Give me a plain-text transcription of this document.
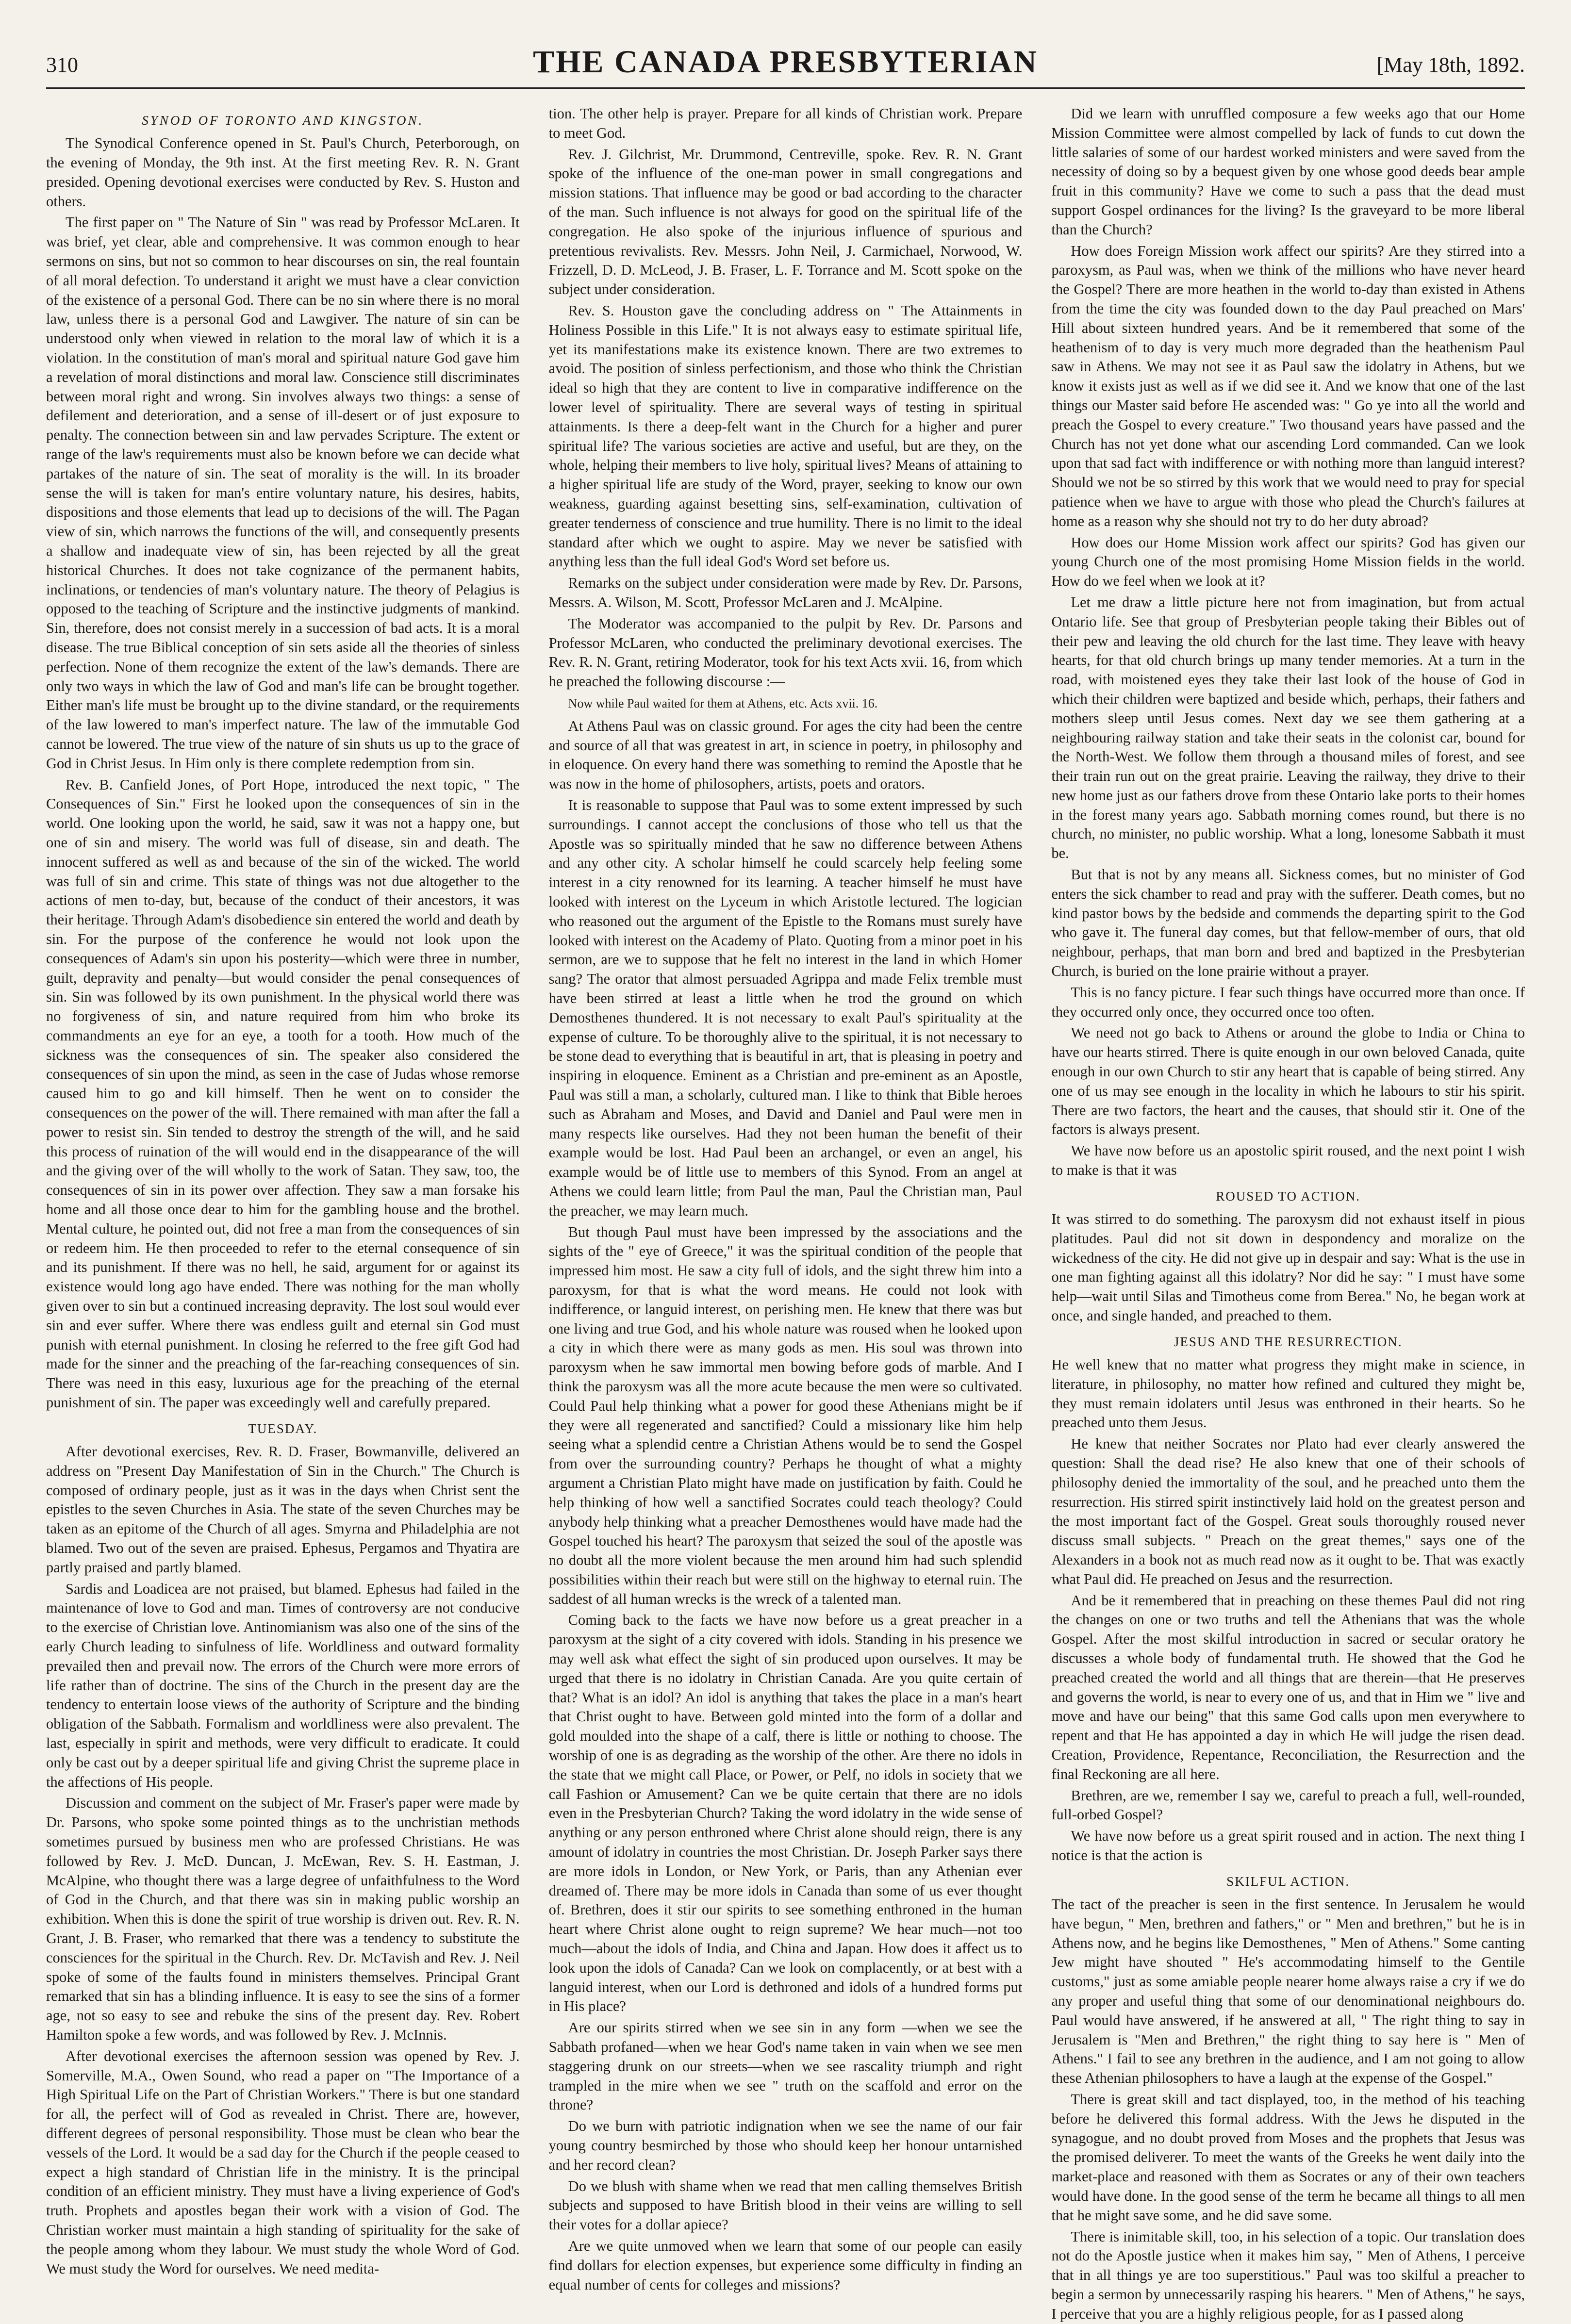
310	THE CANADA PRESBYTERIAN	[May 18th, 1892.
SYNOD OF TORONTO AND KINGSTON.

The Synodical Conference opened in St. Paul's Church, Peterborough, on the evening of Monday, the 9th inst. At the first meeting Rev. R. N. Grant presided. Opening devotional exercises were conducted by Rev. S. Huston and others.

The first paper on " The Nature of Sin " was read by Professor McLaren. It was brief, yet clear, able and comprehensive. It was common enough to hear sermons on sins, but not so common to hear discourses on sin, the real fountain of all moral defection. To understand it aright we must have a clear conviction of the existence of a personal God. There can be no sin where there is no moral law, unless there is a personal God and Lawgiver. The nature of sin can be understood only when viewed in relation to the moral law of which it is a violation. In the constitution of man's moral and spiritual nature God gave him a revelation of moral distinctions and moral law. Conscience still discriminates between moral right and wrong. Sin involves always two things: a sense of defilement and deterioration, and a sense of ill-desert or of just exposure to penalty. The connection between sin and law pervades Scripture. The extent or range of the law's requirements must also be known before we can decide what partakes of the nature of sin. The seat of morality is the will. In its broader sense the will is taken for man's entire voluntary nature, his desires, habits, dispositions and those elements that lead up to decisions of the will. The Pagan view of sin, which narrows the functions of the will, and consequently presents a shallow and inadequate view of sin, has been rejected by all the great historical Churches. It does not take cognizance of the permanent habits, inclinations, or tendencies of man's voluntary nature. The theory of Pelagius is opposed to the teaching of Scripture and the instinctive judgments of mankind. Sin, therefore, does not consist merely in a succession of bad acts. It is a moral disease. The true Biblical conception of sin sets aside all the theories of sinless perfection. None of them recognize the extent of the law's demands. There are only two ways in which the law of God and man's life can be brought together. Either man's life must be brought up to the divine standard, or the requirements of the law lowered to man's imperfect nature. The law of the immutable God cannot be lowered. The true view of the nature of sin shuts us up to the grace of God in Christ Jesus. In Him only is there complete redemption from sin.

Rev. B. Canfield Jones, of Port Hope, introduced the next topic, " The Consequences of Sin." First he looked upon the consequences of sin in the world. One looking upon the world, he said, saw it was not a happy one, but one of sin and misery. The world was full of disease, sin and death. The innocent suffered as well as and because of the sin of the wicked. The world was full of sin and crime. This state of things was not due altogether to the actions of men to-day, but, because of the conduct of their ancestors, it was their heritage. Through Adam's disobedience sin entered the world and death by sin. For the purpose of the conference he would not look upon the consequences of Adam's sin upon his posterity—which were three in number, guilt, depravity and penalty—but would consider the penal consequences of sin. Sin was followed by its own punishment. In the physical world there was no forgiveness of sin, and nature required from him who broke its commandments an eye for an eye, a tooth for a tooth. How much of the sickness was the consequences of sin. The speaker also considered the consequences of sin upon the mind, as seen in the case of Judas whose remorse caused him to go and kill himself. Then he went on to consider the consequences on the power of the will. There remained with man after the fall a power to resist sin. Sin tended to destroy the strength of the will, and he said this process of ruination of the will would end in the disappearance of the will and the giving over of the will wholly to the work of Satan. They saw, too, the consequences of sin in its power over affection. They saw a man forsake his home and all those once dear to him for the gambling house and the brothel. Mental culture, he pointed out, did not free a man from the consequences of sin or redeem him. He then proceeded to refer to the eternal consequence of sin and its punishment. If there was no hell, he said, argument for or against its existence would long ago have ended. There was nothing for the man wholly given over to sin but a continued increasing depravity. The lost soul would ever sin and ever suffer. Where there was endless guilt and eternal sin God must punish with eternal punishment. In closing he referred to the free gift God had made for the sinner and the preaching of the far-reaching consequences of sin. There was need in this easy, luxurious age for the preaching of the eternal punishment of sin. The paper was exceedingly well and carefully prepared.

TUESDAY.

After devotional exercises, Rev. R. D. Fraser, Bowmanville, delivered an address on "Present Day Manifestation of Sin in the Church." The Church is composed of ordinary people, just as it was in the days when Christ sent the epistles to the seven Churches in Asia. The state of the seven Churches may be taken as an epitome of the Church of all ages. Smyrna and Philadelphia are not blamed. Two out of the seven are praised. Ephesus, Pergamos and Thyatira are partly praised and partly blamed.

Sardis and Loadicea are not praised, but blamed. Ephesus had failed in the maintenance of love to God and man. Times of controversy are not conducive to the exercise of Christian love. Antinomianism was also one of the sins of the early Church leading to sinfulness of life. Worldliness and outward formality prevailed then and prevail now. The errors of the Church were more errors of life rather than of doctrine. The sins of the Church in the present day are the tendency to entertain loose views of the authority of Scripture and the binding obligation of the Sabbath. Formalism and worldliness were also prevalent. The last, especially in spirit and methods, were very difficult to eradicate. It could only be cast out by a deeper spiritual life and giving Christ the supreme place in the affections of His people.

Discussion and comment on the subject of Mr. Fraser's paper were made by Dr. Parsons, who spoke some pointed things as to the unchristian methods sometimes pursued by business men who are professed Christians. He was followed by Rev. J. McD. Duncan, J. McEwan, Rev. S. H. Eastman, J. McAlpine, who thought there was a large degree of unfaithfulness to the Word of God in the Church, and that there was sin in making public worship an exhibition. When this is done the spirit of true worship is driven out. Rev. R. N. Grant, J. B. Fraser, who remarked that there was a tendency to substitute the consciences for the spiritual in the Church. Rev. Dr. McTavish and Rev. J. Neil spoke of some of the faults found in ministers themselves. Principal Grant remarked that sin has a blinding influence. It is easy to see the sins of a former age, not so easy to see and rebuke the sins of the present day. Rev. Robert Hamilton spoke a few words, and was followed by Rev. J. McInnis.

After devotional exercises the afternoon session was opened by Rev. J. Somerville, M.A., Owen Sound, who read a paper on "The Importance of a High Spiritual Life on the Part of Christian Workers." There is but one standard for all, the perfect will of God as revealed in Christ. There are, however, different degrees of personal responsibility. Those must be clean who bear the vessels of the Lord. It would be a sad day for the Church if the people ceased to expect a high standard of Christian life in the ministry. It is the principal condition of an efficient ministry. They must have a living experience of God's truth. Prophets and apostles began their work with a vision of God. The Christian worker must maintain a high standing of spirituality for the sake of the people among whom they labour. We must study the whole Word of God. We must study the Word for ourselves. We need medita-

tion. The other help is prayer. Prepare for all kinds of Christian work. Prepare to meet God.

Rev. J. Gilchrist, Mr. Drummond, Centreville, spoke. Rev. R. N. Grant spoke of the influence of the one-man power in small congregations and mission stations. That influence may be good or bad according to the character of the man. Such influence is not always for good on the spiritual life of the congregation. He also spoke of the injurious influence of spurious and pretentious revivalists. Rev. Messrs. John Neil, J. Carmichael, Norwood, W. Frizzell, D. D. McLeod, J. B. Fraser, L. F. Torrance and M. Scott spoke on the subject under consideration.

Rev. S. Houston gave the concluding address on " The Attainments in Holiness Possible in this Life." It is not always easy to estimate spiritual life, yet its manifestations make its existence known. There are two extremes to avoid. The position of sinless perfectionism, and those who think the Christian ideal so high that they are content to live in comparative indifference on the lower level of spirituality. There are several ways of testing in spiritual attainments. Is there a deep-felt want in the Church for a higher and purer spiritual life? The various societies are active and useful, but are they, on the whole, helping their members to live holy, spiritual lives? Means of attaining to a higher spiritual life are study of the Word, prayer, seeking to know our own weakness, guarding against besetting sins, self-examination, cultivation of greater tenderness of conscience and true humility. There is no limit to the ideal standard after which we ought to aspire. May we never be satisfied with anything less than the full ideal God's Word set before us.

Remarks on the subject under consideration were made by Rev. Dr. Parsons, Messrs. A. Wilson, M. Scott, Professor McLaren and J. McAlpine.

The Moderator was accompanied to the pulpit by Rev. Dr. Parsons and Professor McLaren, who conducted the preliminary devotional exercises. The Rev. R. N. Grant, retiring Moderator, took for his text Acts xvii. 16, from which he preached the following discourse :—

Now while Paul waited for them at Athens, etc. Acts xvii. 16.

At Athens Paul was on classic ground. For ages the city had been the centre and source of all that was greatest in art, in science in poetry, in philosophy and in eloquence. On every hand there was something to remind the Apostle that he was now in the home of philosophers, artists, poets and orators.

It is reasonable to suppose that Paul was to some extent impressed by such surroundings. I cannot accept the conclusions of those who tell us that the Apostle was so spiritually minded that he saw no difference between Athens and any other city. A scholar himself he could scarcely help feeling some interest in a city renowned for its learning. A teacher himself he must have looked with interest on the Lyceum in which Aristotle lectured. The logician who reasoned out the argument of the Epistle to the Romans must surely have looked with interest on the Academy of Plato. Quoting from a minor poet in his sermon, are we to suppose that he felt no interest in the land in which Homer sang? The orator that almost persuaded Agrippa and made Felix tremble must have been stirred at least a little when he trod the ground on which Demosthenes thundered. It is not necessary to exalt Paul's spirituality at the expense of culture. To be thoroughly alive to the spiritual, it is not necessary to be stone dead to everything that is beautiful in art, that is pleasing in poetry and inspiring in eloquence. Eminent as a Christian and pre-eminent as an Apostle, Paul was still a man, a scholarly, cultured man. I like to think that Bible heroes such as Abraham and Moses, and David and Daniel and Paul were men in many respects like ourselves. Had they not been human the benefit of their example would be lost. Had Paul been an archangel, or even an angel, his example would be of little use to members of this Synod. From an angel at Athens we could learn little; from Paul the man, Paul the Christian man, Paul the preacher, we may learn much.

But though Paul must have been impressed by the associations and the sights of the " eye of Greece," it was the spiritual condition of the people that impressed him most. He saw a city full of idols, and the sight threw him into a paroxysm, for that is what the word means. He could not look with indifference, or languid interest, on perishing men. He knew that there was but one living and true God, and his whole nature was roused when he looked upon a city in which there were as many gods as men. His soul was thrown into paroxysm when he saw immortal men bowing before gods of marble. And I think the paroxysm was all the more acute because the men were so cultivated. Could Paul help thinking what a power for good these Athenians might be if they were all regenerated and sanctified? Could a missionary like him help seeing what a splendid centre a Christian Athens would be to send the Gospel from over the surrounding country? Perhaps he thought of what a mighty argument a Christian Plato might have made on justification by faith. Could he help thinking of how well a sanctified Socrates could teach theology? Could anybody help thinking what a preacher Demosthenes would have made had the Gospel touched his heart? The paroxysm that seized the soul of the apostle was no doubt all the more violent because the men around him had such splendid possibilities within their reach but were still on the highway to eternal ruin. The saddest of all human wrecks is the wreck of a talented man.

Coming back to the facts we have now before us a great preacher in a paroxysm at the sight of a city covered with idols. Standing in his presence we may well ask what effect the sight of sin produced upon ourselves. It may be urged that there is no idolatry in Christian Canada. Are you quite certain of that? What is an idol? An idol is anything that takes the place in a man's heart that Christ ought to have. Between gold minted into the form of a dollar and gold moulded into the shape of a calf, there is little or nothing to choose. The worship of one is as degrading as the worship of the other. Are there no idols in the state that we might call Place, or Power, or Pelf, no idols in society that we call Fashion or Amusement? Can we be quite certain that there are no idols even in the Presbyterian Church? Taking the word idolatry in the wide sense of anything or any person enthroned where Christ alone should reign, there is any amount of idolatry in countries the most Christian. Dr. Joseph Parker says there are more idols in London, or New York, or Paris, than any Athenian ever dreamed of. There may be more idols in Canada than some of us ever thought of. Brethren, does it stir our spirits to see something enthroned in the human heart where Christ alone ought to reign supreme? We hear much—not too much—about the idols of India, and China and Japan. How does it affect us to look upon the idols of Canada? Can we look on complacently, or at best with a languid interest, when our Lord is dethroned and idols of a hundred forms put in His place?

Are our spirits stirred when we see sin in any form —when we see the Sabbath profaned—when we hear God's name taken in vain when we see men staggering drunk on our streets—when we see rascality triumph and right trampled in the mire when we see " truth on the scaffold and error on the throne?

Do we burn with patriotic indignation when we see the name of our fair young country besmirched by those who should keep her honour untarnished and her record clean?

Do we blush with shame when we read that men calling themselves British subjects and supposed to have British blood in their veins are willing to sell their votes for a dollar apiece?

Are we quite unmoved when we learn that some of our people can easily find dollars for election expenses, but experience some difficulty in finding an equal number of cents for colleges and missions?

Did we learn with unruffled composure a few weeks ago that our Home Mission Committee were almost compelled by lack of funds to cut down the little salaries of some of our hardest worked ministers and were saved from the necessity of doing so by a bequest given by one whose good deeds bear ample fruit in this community? Have we come to such a pass that the dead must support Gospel ordinances for the living? Is the graveyard to be more liberal than the Church?

How does Foreign Mission work affect our spirits? Are they stirred into a paroxysm, as Paul was, when we think of the millions who have never heard the Gospel? There are more heathen in the world to-day than existed in Athens from the time the city was founded down to the day Paul preached on Mars' Hill about sixteen hundred years. And be it remembered that some of the heathenism of to day is very much more degraded than the heathenism Paul saw in Athens. We may not see it as Paul saw the idolatry in Athens, but we know it exists just as well as if we did see it. And we know that one of the last things our Master said before He ascended was: " Go ye into all the world and preach the Gospel to every creature." Two thousand years have passed and the Church has not yet done what our ascending Lord commanded. Can we look upon that sad fact with indifference or with nothing more than languid interest? Should we not be so stirred by this work that we would need to pray for special patience when we have to argue with those who plead the Church's failures at home as a reason why she should not try to do her duty abroad?

How does our Home Mission work affect our spirits? God has given our young Church one of the most promising Home Mission fields in the world. How do we feel when we look at it?

Let me draw a little picture here not from imagination, but from actual Ontario life. See that group of Presbyterian people taking their Bibles out of their pew and leaving the old church for the last time. They leave with heavy hearts, for that old church brings up many tender memories. At a turn in the road, with moistened eyes they take their last look of the house of God in which their children were baptized and beside which, perhaps, their fathers and mothers sleep until Jesus comes. Next day we see them gathering at a neighbouring railway station and take their seats in the colonist car, bound for the North-West. We follow them through a thousand miles of forest, and see their train run out on the great prairie. Leaving the railway, they drive to their new home just as our fathers drove from these Ontario lake ports to their homes in the forest many years ago. Sabbath morning comes round, but there is no church, no minister, no public worship. What a long, lonesome Sabbath it must be.

But that is not by any means all. Sickness comes, but no minister of God enters the sick chamber to read and pray with the sufferer. Death comes, but no kind pastor bows by the bedside and commends the departing spirit to the God who gave it. The funeral day comes, but that fellow-member of ours, that old neighbour, perhaps, that man born and bred and baptized in the Presbyterian Church, is buried on the lone prairie without a prayer.

This is no fancy picture. I fear such things have occurred more than once. If they occurred only once, they occurred once too often.

We need not go back to Athens or around the globe to India or China to have our hearts stirred. There is quite enough in our own beloved Canada, quite enough in our own Church to stir any heart that is capable of being stirred. Any one of us may see enough in the locality in which he labours to stir his spirit. There are two factors, the heart and the causes, that should stir it. One of the factors is always present.

We have now before us an apostolic spirit roused, and the next point I wish to make is that it was

ROUSED TO ACTION.

It was stirred to do something. The paroxysm did not exhaust itself in pious platitudes. Paul did not sit down in despondency and moralize on the wickedness of the city. He did not give up in despair and say: What is the use in one man fighting against all this idolatry? Nor did he say: " I must have some help—wait until Silas and Timotheus come from Berea." No, he began work at once, and single handed, and preached to them.

JESUS AND THE RESURRECTION.

He well knew that no matter what progress they might make in science, in literature, in philosophy, no matter how refined and cultured they might be, they must remain idolaters until Jesus was enthroned in their hearts. So he preached unto them Jesus.

He knew that neither Socrates nor Plato had ever clearly answered the question: Shall the dead rise? He also knew that one of their schools of philosophy denied the immortality of the soul, and he preached unto them the resurrection. His stirred spirit instinctively laid hold on the greatest person and the most important fact of the Gospel. Great souls thoroughly roused never discuss small subjects. " Preach on the great themes," says one of the Alexanders in a book not as much read now as it ought to be. That was exactly what Paul did. He preached on Jesus and the resurrection.

And be it remembered that in preaching on these themes Paul did not ring the changes on one or two truths and tell the Athenians that was the whole Gospel. After the most skilful introduction in sacred or secular oratory he discusses a whole body of fundamental truth. He showed that the God he preached created the world and all things that are therein—that He preserves and governs the world, is near to every one of us, and that in Him we " live and move and have our being" that this same God calls upon men everywhere to repent and that He has appointed a day in which He will judge the risen dead. Creation, Providence, Repentance, Reconciliation, the Resurrection and the final Reckoning are all here.

Brethren, are we, remember I say we, careful to preach a full, well-rounded, full-orbed Gospel?

We have now before us a great spirit roused and in action. The next thing I notice is that the action is

SKILFUL ACTION.

The tact of the preacher is seen in the first sentence. In Jerusalem he would have begun, " Men, brethren and fathers," or " Men and brethren," but he is in Athens now, and he begins like Demosthenes, " Men of Athens." Some canting Jew might have shouted " He's accommodating himself to the Gentile customs," just as some amiable people nearer home always raise a cry if we do any proper and useful thing that some of our denominational neighbours do. Paul would have answered, if he answered at all, " The right thing to say in Jerusalem is "Men and Brethren," the right thing to say here is " Men of Athens." I fail to see any brethren in the audience, and I am not going to allow these Athenian philosophers to have a laugh at the expense of the Gospel."

There is great skill and tact displayed, too, in the method of his teaching before he delivered this formal address. With the Jews he disputed in the synagogue, and no doubt proved from Moses and the prophets that Jesus was the promised deliverer. To meet the wants of the Greeks he went daily into the market-place and reasoned with them as Socrates or any of their own teachers would have done. In the good sense of the term he became all things to all men that he might save some, and he did save some.

There is inimitable skill, too, in his selection of a topic. Our translation does not do the Apostle justice when it makes him say, " Men of Athens, I perceive that in all things ye are too superstitious." Paul was too skilful a preacher to begin a sermon by unnecessarily rasping his hearers. " Men of Athens," he says, I perceive that you are a highly religious people, for as I passed along
